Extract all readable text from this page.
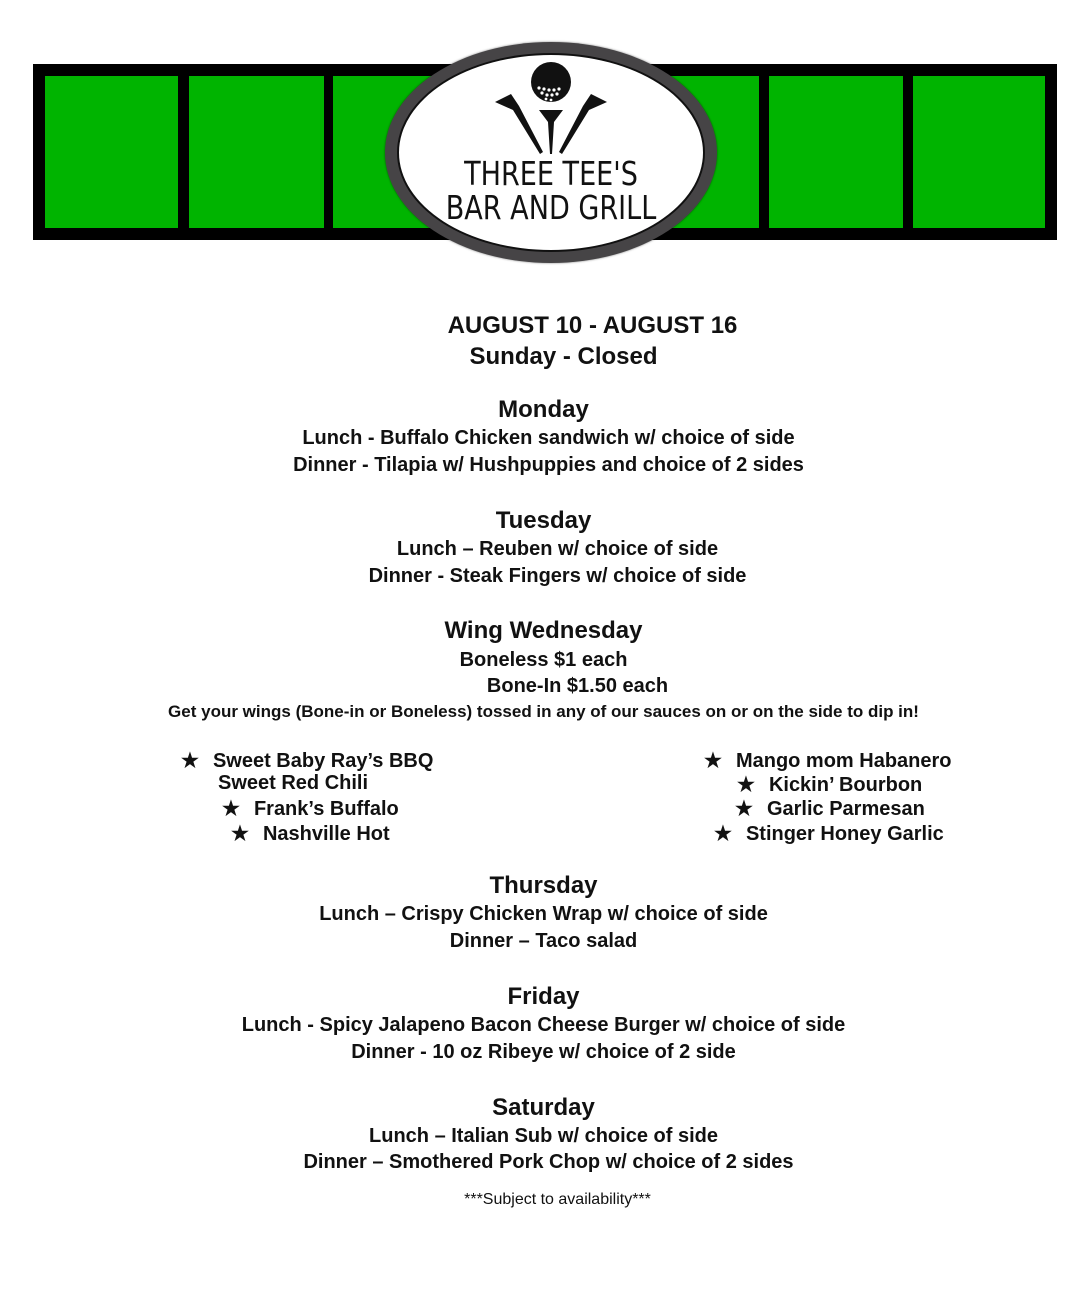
THREE TEE'S
BAR AND GRILL
AUGUST 10 - AUGUST 16
Sunday - Closed
Monday
Lunch - Buffalo Chicken sandwich w/ choice of side
Dinner - Tilapia w/ Hushpuppies and choice of 2 sides
Tuesday
Lunch – Reuben w/ choice of side
Dinner - Steak Fingers w/ choice of side
Wing Wednesday
Boneless $1 each
Bone-In $1.50 each
Get your wings (Bone-in or Boneless) tossed in any of our sauces on or on the side to dip in!
★ Sweet Baby Ray’s BBQ
Sweet Red Chili
★ Frank’s Buffalo
★ Nashville Hot
★ Mango mom Habanero
★ Kickin’ Bourbon
★ Garlic Parmesan
★ Stinger Honey Garlic
Thursday
Lunch – Crispy Chicken Wrap w/ choice of side
Dinner – Taco salad
Friday
Lunch - Spicy Jalapeno Bacon Cheese Burger w/ choice of side
Dinner - 10 oz Ribeye w/ choice of 2 side
Saturday
Lunch – Italian Sub w/ choice of side
Dinner – Smothered Pork Chop w/ choice of 2 sides
***Subject to availability***
